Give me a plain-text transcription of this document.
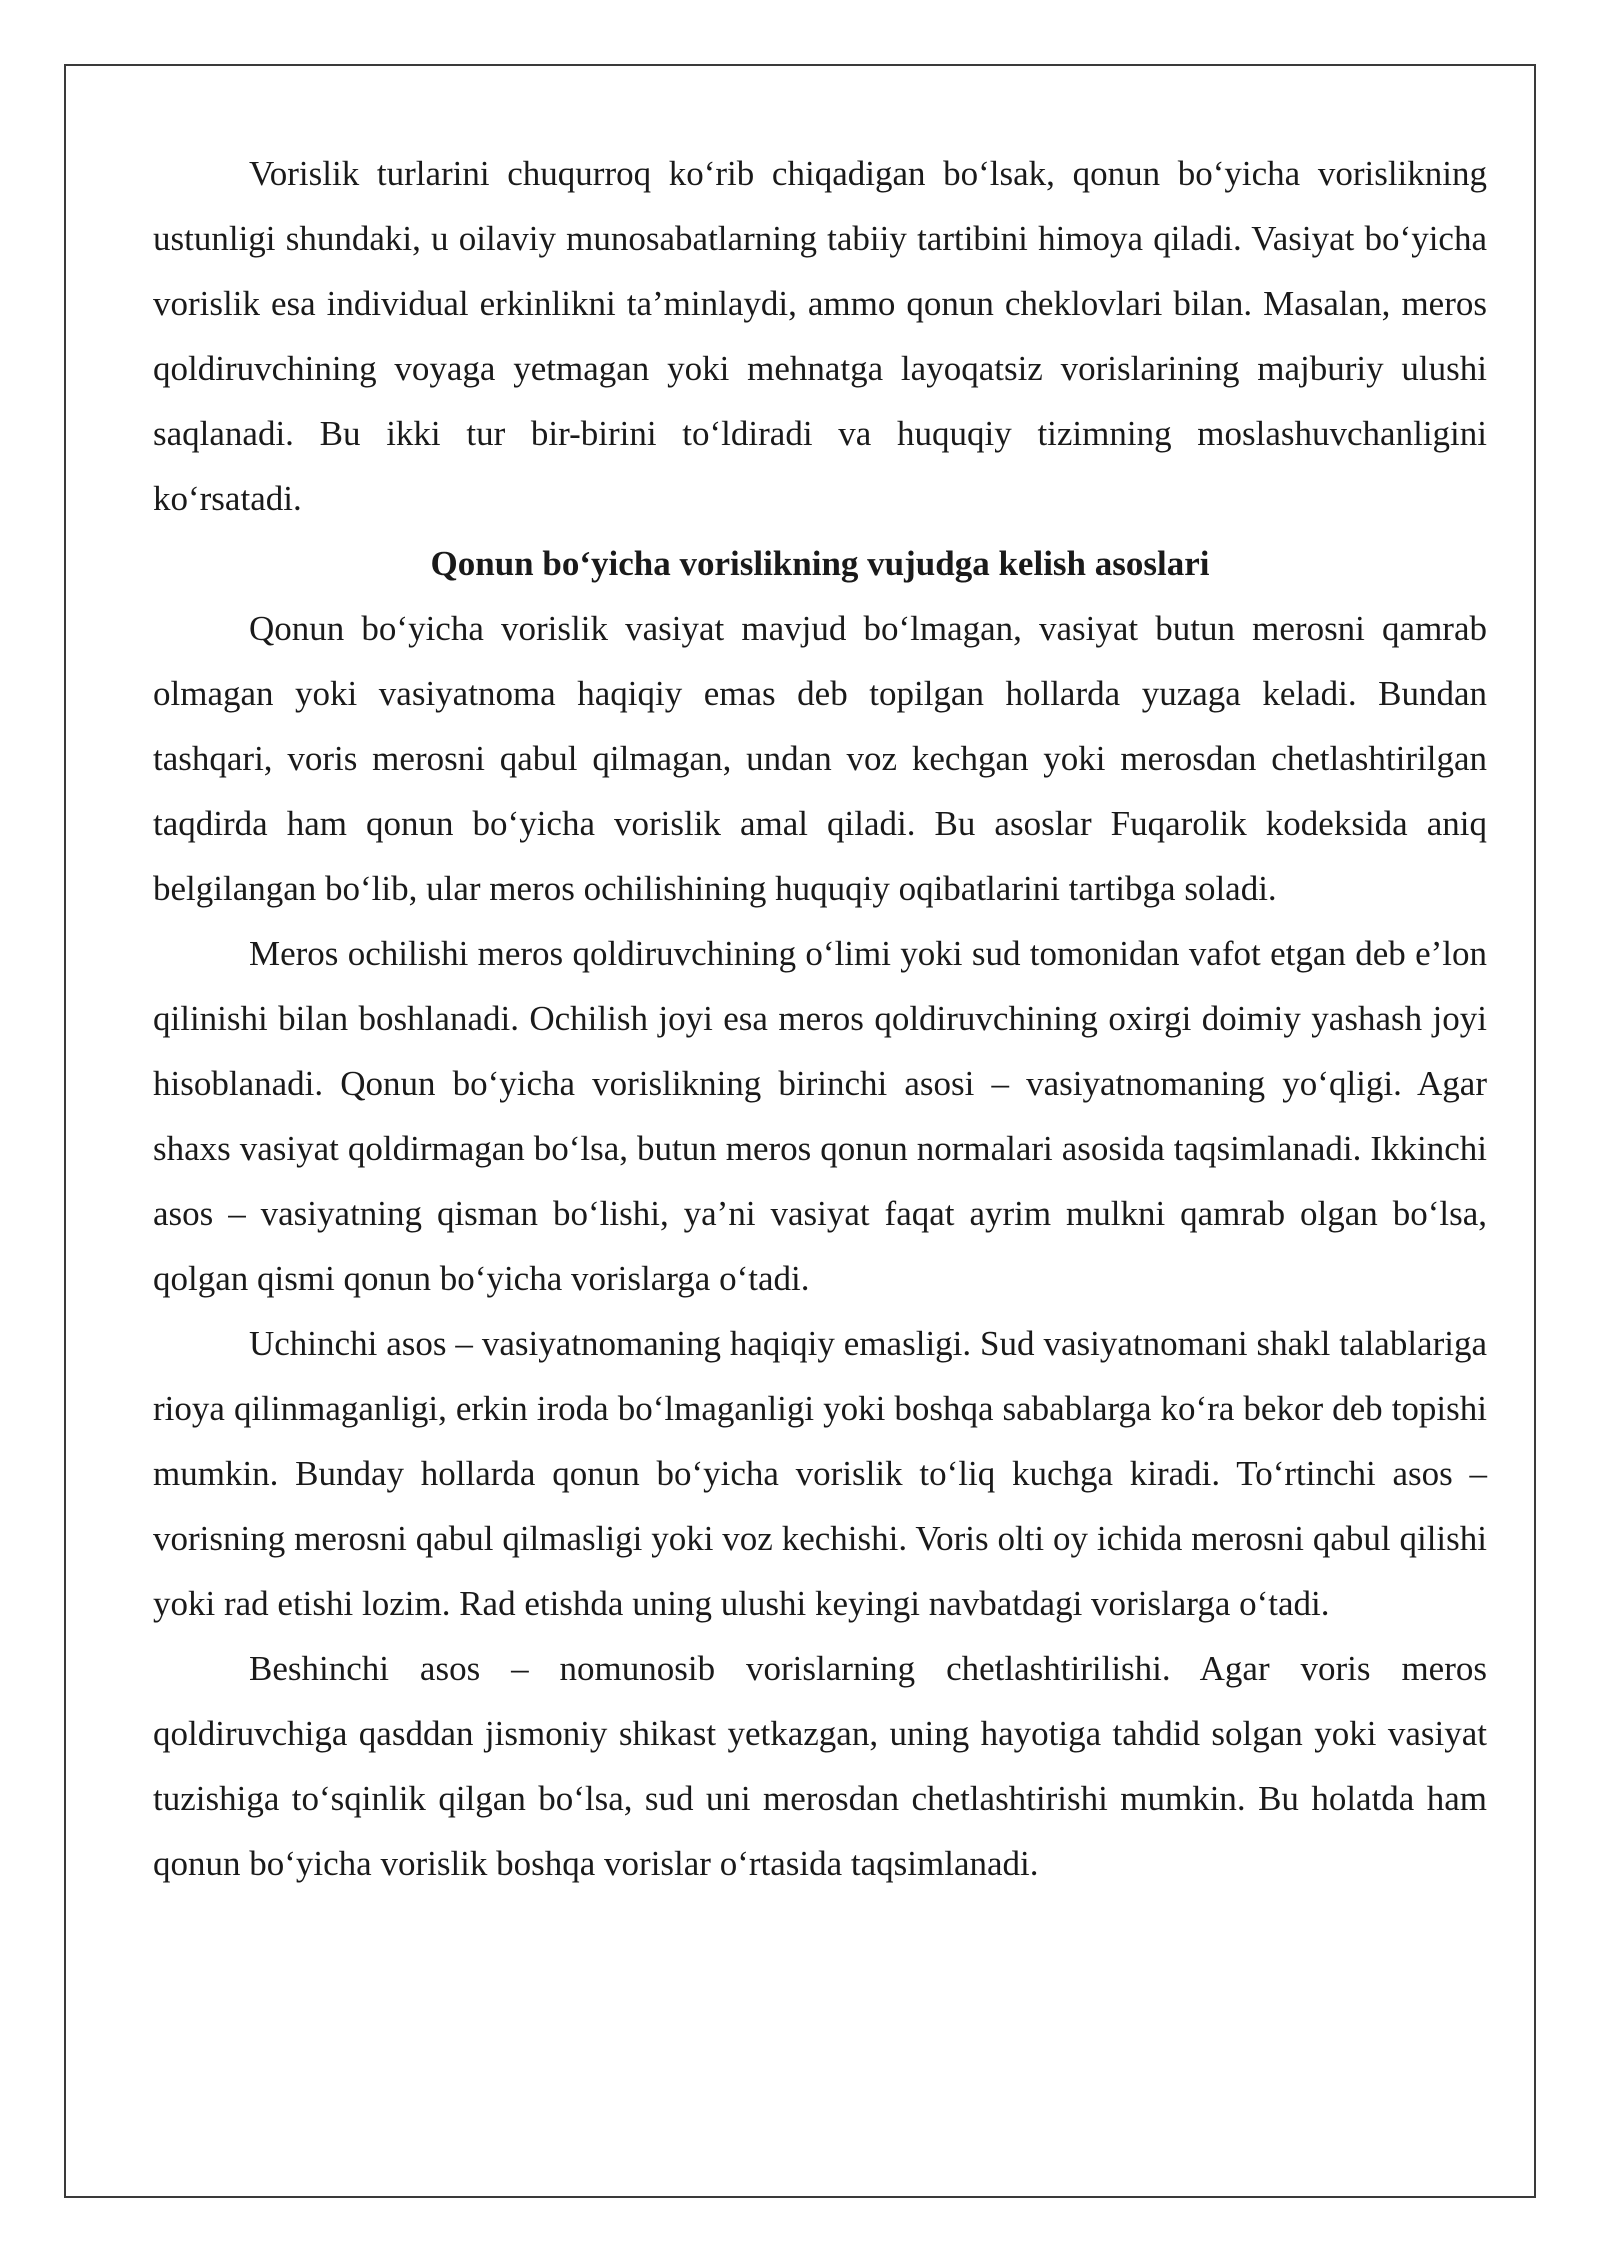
Vorislik turlarini chuqurroq ko‘rib chiqadigan bo‘lsak, qonun bo‘yicha vorislikning ustunligi shundaki, u oilaviy munosabatlarning tabiiy tartibini himoya qiladi. Vasiyat bo‘yicha vorislik esa individual erkinlikni ta’minlaydi, ammo qonun cheklovlari bilan. Masalan, meros qoldiruvchining voyaga yetmagan yoki mehnatga layoqatsiz vorislarining majburiy ulushi saqlanadi. Bu ikki tur bir-birini to‘ldiradi va huquqiy tizimning moslashuvchanligini ko‘rsatadi.

Qonun bo‘yicha vorislikning vujudga kelish asoslari

Qonun bo‘yicha vorislik vasiyat mavjud bo‘lmagan, vasiyat butun merosni qamrab olmagan yoki vasiyatnoma haqiqiy emas deb topilgan hollarda yuzaga keladi. Bundan tashqari, voris merosni qabul qilmagan, undan voz kechgan yoki merosdan chetlashtirilgan taqdirda ham qonun bo‘yicha vorislik amal qiladi. Bu asoslar Fuqarolik kodeksida aniq belgilangan bo‘lib, ular meros ochilishining huquqiy oqibatlarini tartibga soladi.

Meros ochilishi meros qoldiruvchining o‘limi yoki sud tomonidan vafot etgan deb e’lon qilinishi bilan boshlanadi. Ochilish joyi esa meros qoldiruvchining oxirgi doimiy yashash joyi hisoblanadi. Qonun bo‘yicha vorislikning birinchi asosi – vasiyatnomaning yo‘qligi. Agar shaxs vasiyat qoldirmagan bo‘lsa, butun meros qonun normalari asosida taqsimlanadi. Ikkinchi asos – vasiyatning qisman bo‘lishi, ya’ni vasiyat faqat ayrim mulkni qamrab olgan bo‘lsa, qolgan qismi qonun bo‘yicha vorislarga o‘tadi.

Uchinchi asos – vasiyatnomaning haqiqiy emasligi. Sud vasiyatnomani shakl talablariga rioya qilinmaganligi, erkin iroda bo‘lmaganligi yoki boshqa sabablarga ko‘ra bekor deb topishi mumkin. Bunday hollarda qonun bo‘yicha vorislik to‘liq kuchga kiradi. To‘rtinchi asos – vorisning merosni qabul qilmasligi yoki voz kechishi. Voris olti oy ichida merosni qabul qilishi yoki rad etishi lozim. Rad etishda uning ulushi keyingi navbatdagi vorislarga o‘tadi.

Beshinchi asos – nomunosib vorislarning chetlashtirilishi. Agar voris meros qoldiruvchiga qasddan jismoniy shikast yetkazgan, uning hayotiga tahdid solgan yoki vasiyat tuzishiga to‘sqinlik qilgan bo‘lsa, sud uni merosdan chetlashtirishi mumkin. Bu holatda ham qonun bo‘yicha vorislik boshqa vorislar o‘rtasida taqsimlanadi.
